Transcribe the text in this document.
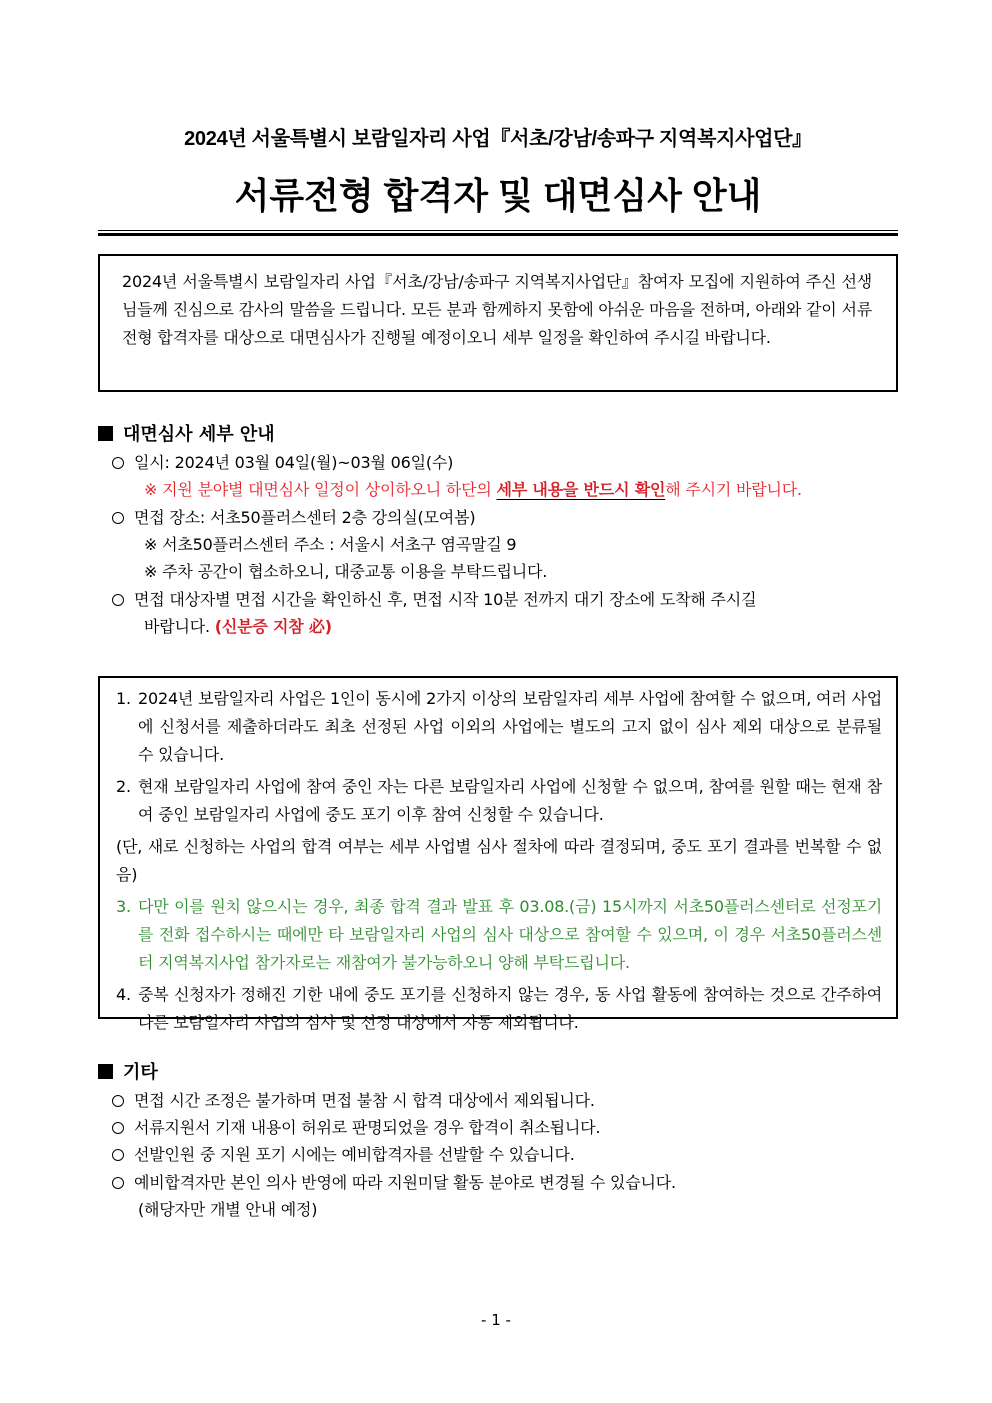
2024년 서울특별시 보람일자리 사업『서초/강남/송파구 지역복지사업단』
서류전형 합격자 및 대면심사 안내
2024년 서울특별시 보람일자리 사업『서초/강남/송파구 지역복지사업단』참여자 모집에 지원하여 주신 선생님들께 진심으로 감사의 말씀을 드립니다. 모든 분과 함께하지 못함에 아쉬운 마음을 전하며, 아래와 같이 서류전형 합격자를 대상으로 대면심사가 진행될 예정이오니 세부 일정을 확인하여 주시길 바랍니다.
대면심사 세부 안내
일시: 2024년 03월 04일(월)~03월 06일(수)
※ 지원 분야별 대면심사 일정이 상이하오니 하단의 세부 내용을 반드시 확인해 주시기 바랍니다.
면접 장소: 서초50플러스센터 2층 강의실(모여봄)
※ 서초50플러스센터 주소 : 서울시 서초구 염곡말길 9
※ 주차 공간이 협소하오니, 대중교통 이용을 부탁드립니다.
면접 대상자별 면접 시간을 확인하신 후, 면접 시작 10분 전까지 대기 장소에 도착해 주시길
바랍니다. (신분증 지참 必)
1. 2024년 보람일자리 사업은 1인이 동시에 2가지 이상의 보람일자리 세부 사업에 참여할 수 없으며, 여러 사업에 신청서를 제출하더라도 최초 선정된 사업 이외의 사업에는 별도의 고지 없이 심사 제외 대상으로 분류될 수 있습니다.
2. 현재 보람일자리 사업에 참여 중인 자는 다른 보람일자리 사업에 신청할 수 없으며, 참여를 원할 때는 현재 참여 중인 보람일자리 사업에 중도 포기 이후 참여 신청할 수 있습니다.
(단, 새로 신청하는 사업의 합격 여부는 세부 사업별 심사 절차에 따라 결정되며, 중도 포기 결과를 번복할 수 없음)
3. 다만 이를 원치 않으시는 경우, 최종 합격 결과 발표 후 03.08.(금) 15시까지 서초50플러스센터로 선정포기를 전화 접수하시는 때에만 타 보람일자리 사업의 심사 대상으로 참여할 수 있으며, 이 경우 서초50플러스센터 지역복지사업 참가자로는 재참여가 불가능하오니 양해 부탁드립니다.
4. 중복 신청자가 정해진 기한 내에 중도 포기를 신청하지 않는 경우, 동 사업 활동에 참여하는 것으로 간주하여 다른 보람일자리 사업의 심사 및 선정 대상에서 자동 제외됩니다.
기타
면접 시간 조정은 불가하며 면접 불참 시 합격 대상에서 제외됩니다.
서류지원서 기재 내용이 허위로 판명되었을 경우 합격이 취소됩니다.
선발인원 중 지원 포기 시에는 예비합격자를 선발할 수 있습니다.
예비합격자만 본인 의사 반영에 따라 지원미달 활동 분야로 변경될 수 있습니다.
(해당자만 개별 안내 예정)
- 1 -
